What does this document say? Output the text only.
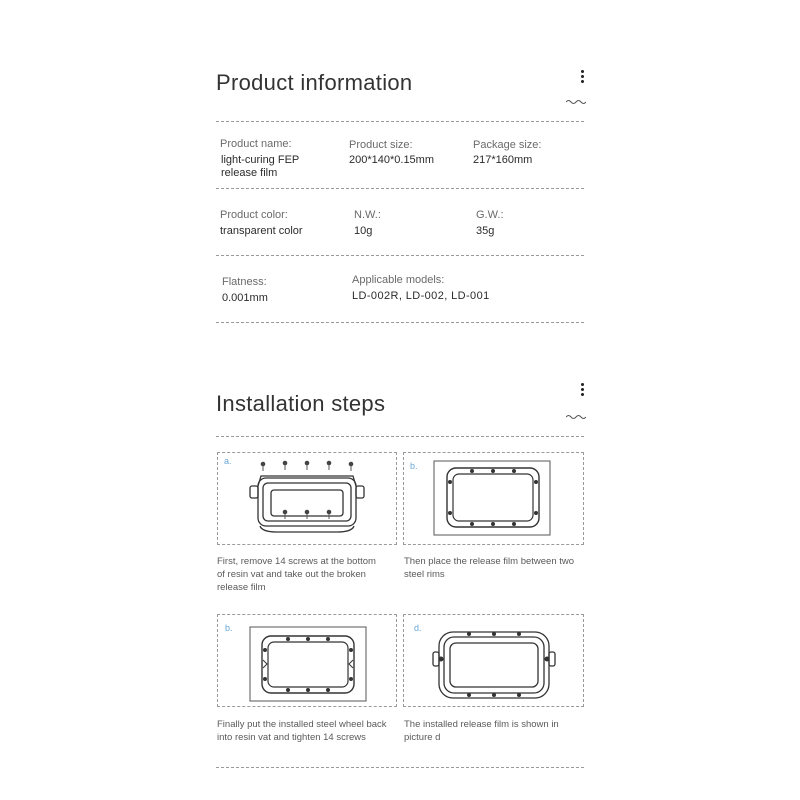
Product information
Product name:
light-curing FEP
release film
Product size:
200*140*0.15mm
Package size:
217*160mm
Product color:
transparent color
N.W.:
10g
G.W.:
35g
Flatness:
0.001mm
Applicable models:
LD-002R, LD-002, LD-001
Installation steps
a.
First, remove 14 screws at the bottom
of resin vat and take out the broken
release film
b.
Then place the release film between two
steel rims
b.
Finally put the installed steel wheel back
into resin vat and tighten 14 screws
d.
The installed release film is shown in
picture d
